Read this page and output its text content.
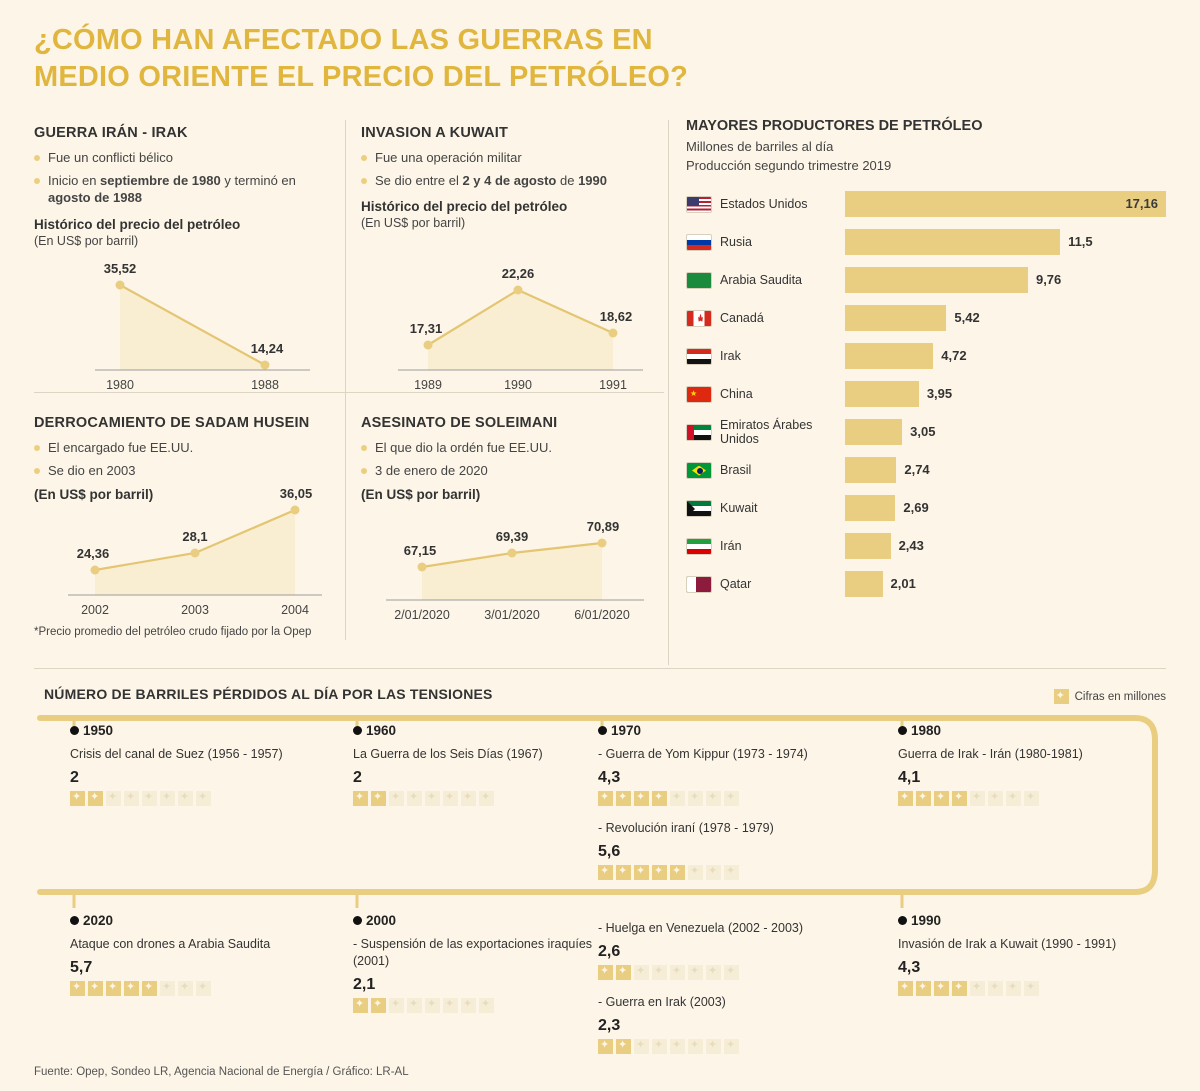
¿CÓMO HAN AFECTADO LAS GUERRAS EN MEDIO ORIENTE EL PRECIO DEL PETRÓLEO?
GUERRA IRÁN - IRAK
Fue un conflicti bélico
Inicio en septiembre de 1980 y terminó en agosto de 1988
Histórico del precio del petróleo
(En US$ por barril)
35,52
14,24
1980	1988
INVASION A KUWAIT
Fue una operación militar
Se dio entre el 2 y 4 de agosto de 1990
Histórico del precio del petróleo
(En US$ por barril)
17,31
22,26
18,62
1989	1990	1991
DERROCAMIENTO DE SADAM HUSEIN
El encargado fue EE.UU.
Se dio en 2003
(En US$ por barril)
24,36
28,1
36,05
2002	2003	2004
*Precio promedio del petróleo crudo fijado por la Opep
ASESINATO DE SOLEIMANI
El que dio la ordén fue EE.UU.
3 de enero de 2020
(En US$ por barril)
67,15
69,39
70,89
2/01/2020	3/01/2020	6/01/2020
MAYORES PRODUCTORES DE PETRÓLEO
Millones de barriles al día
Producción segundo trimestre 2019
Estados Unidos	17,16
Rusia	11,5
Arabia Saudita	9,76
Canadá	5,42
Irak	4,72
★ China	3,95
Emiratos Árabes Unidos	3,05
Brasil	2,74
Kuwait	2,69
Irán	2,43
Qatar	2,01
NÚMERO DE BARRILES PÉRDIDOS AL DÍA POR LAS TENSIONES	✦ Cifras en millones
1950
Crisis del canal de Suez (1956 - 1957)
2
✦ ✦ ✦ ✦ ✦ ✦ ✦ ✦
1960
La Guerra de los Seis Días (1967)
2
✦ ✦ ✦ ✦ ✦ ✦ ✦ ✦
1970
- Guerra de Yom Kippur (1973 - 1974)
4,3
✦ ✦ ✦ ✦ ✦ ✦ ✦ ✦
- Revolución iraní (1978 - 1979)
5,6
✦ ✦ ✦ ✦ ✦ ✦ ✦ ✦
1980
Guerra de Irak - Irán (1980-1981)
4,1
✦ ✦ ✦ ✦ ✦ ✦ ✦ ✦
2020
Ataque con drones a Arabia Saudita
5,7
✦ ✦ ✦ ✦ ✦ ✦ ✦ ✦
2000
- Suspensión de las exportaciones iraquíes (2001)
2,1
✦ ✦ ✦ ✦ ✦ ✦ ✦ ✦
- Huelga en Venezuela (2002 - 2003)
2,6
✦ ✦ ✦ ✦ ✦ ✦ ✦ ✦
- Guerra en Irak (2003)
2,3
✦ ✦ ✦ ✦ ✦ ✦ ✦ ✦
1990
Invasión de Irak a Kuwait (1990 - 1991)
4,3
✦ ✦ ✦ ✦ ✦ ✦ ✦ ✦
Fuente: Opep, Sondeo LR, Agencia Nacional de Energía / Gráfico: LR-AL
